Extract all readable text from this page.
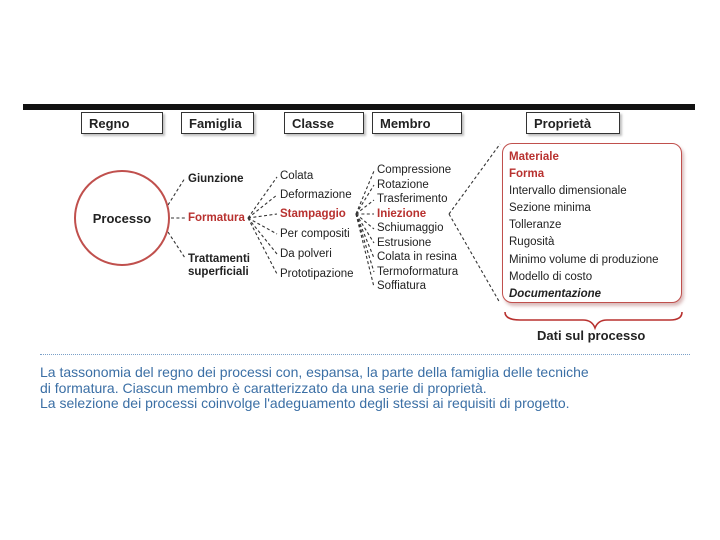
Regno	Famiglia	Classe	Membro	Proprietà
Processo
Giunzione
Formatura
Trattamenti
superficiali
Colata
Deformazione
Stampaggio
Per compositi
Da polveri
Prototipazione
Compressione
Rotazione
Trasferimento
Iniezione
Schiumaggio
Estrusione
Colata in resina
Termoformatura
Soffiatura
Materiale
Forma
Intervallo dimensionale
Sezione minima
Tolleranze
Rugosità
Minimo volume di produzione
Modello di costo
Documentazione
Dati sul processo
La tassonomia del regno dei processi con, espansa, la parte della famiglia delle tecniche
di formatura. Ciascun membro è caratterizzato da una serie di proprietà.
La selezione dei processi coinvolge l'adeguamento degli stessi ai requisiti di progetto.
